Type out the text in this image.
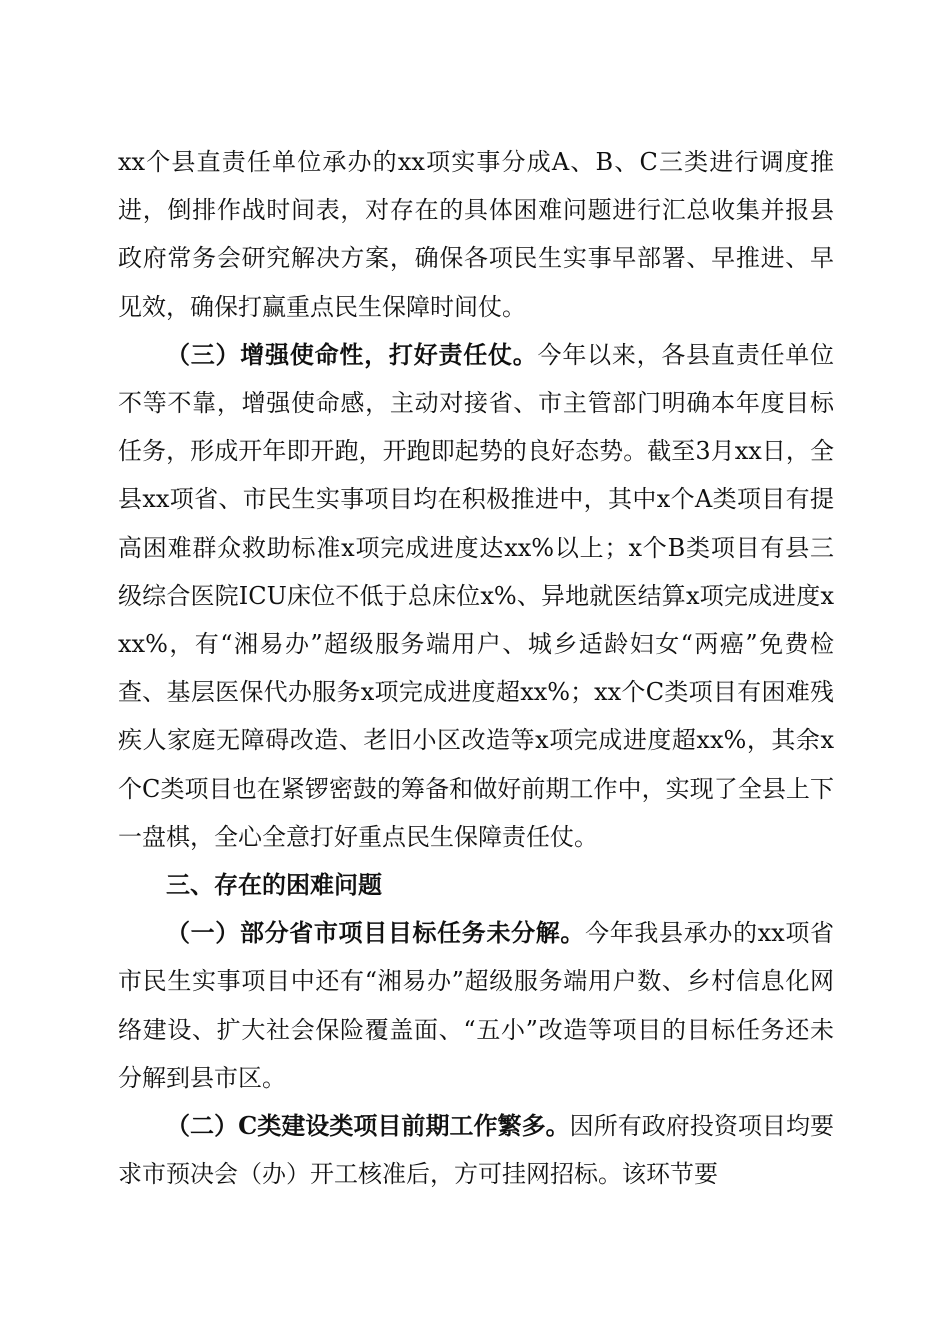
xx个县直责任单位承办的xx项实事分成A、B、C三类进行调度推进，倒排作战时间表，对存在的具体困难问题进行汇总收集并报县政府常务会研究解决方案，确保各项民生实事早部署、早推进、早见效，确保打赢重点民生保障时间仗。

（三）增强使命性，打好责任仗。今年以来，各县直责任单位不等不靠，增强使命感，主动对接省、市主管部门明确本年度目标任务，形成开年即开跑，开跑即起势的良好态势。截至3月xx日，全县xx项省、市民生实事项目均在积极推进中，其中x个A类项目有提高困难群众救助标准x项完成进度达xx%以上；x个B类项目有县三级综合医院ICU床位不低于总床位x%、异地就医结算x项完成进度xxx%，有“湘易办”超级服务端用户、城乡适龄妇女“两癌”免费检查、基层医保代办服务x项完成进度超xx%；xx个C类项目有困难残疾人家庭无障碍改造、老旧小区改造等x项完成进度超xx%，其余x个C类项目也在紧锣密鼓的筹备和做好前期工作中，实现了全县上下一盘棋，全心全意打好重点民生保障责任仗。

三、存在的困难问题

（一）部分省市项目目标任务未分解。今年我县承办的xx项省市民生实事项目中还有“湘易办”超级服务端用户数、乡村信息化网络建设、扩大社会保险覆盖面、“五小”改造等项目的目标任务还未分解到县市区。

（二）C类建设类项目前期工作繁多。因所有政府投资项目均要求市预决会（办）开工核准后，方可挂网招标。该环节要
